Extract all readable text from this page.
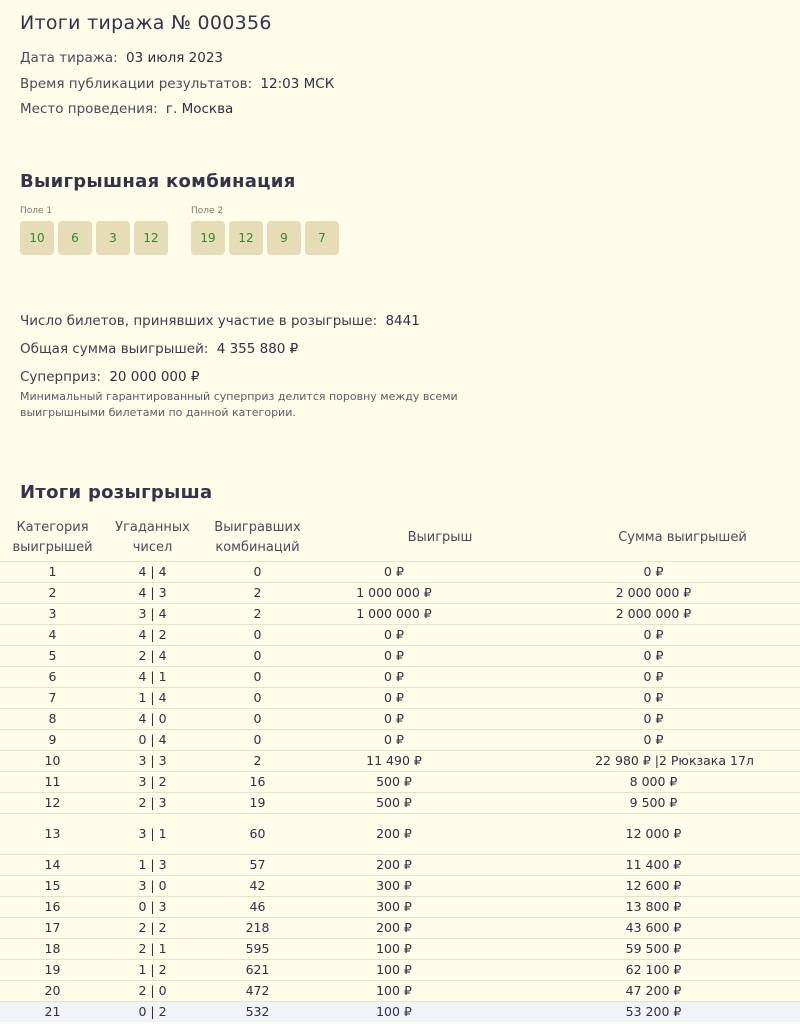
Итоги тиража № 000356
Дата тиража: 03 июля 2023
Время публикации результатов: 12:03 МСК
Место проведения: г. Москва
Выигрышная комбинация
Поле 1
10	6	3	12
Поле 2
19	12	9	7
Число билетов, принявших участие в розыгрыше: 8441
Общая сумма выигрышей: 4 355 880 ₽
Суперприз: 20 000 000 ₽
Минимальный гарантированный суперприз делится поровну между всеми выигрышными билетами по данной категории.
Итоги розыгрыша
Категория выигрышей	Угаданных чисел	Выигравших комбинаций	Выигрыш	Сумма выигрышей
1	4 | 4	0	0 ₽	0 ₽
2	4 | 3	2	1 000 000 ₽	2 000 000 ₽
3	3 | 4	2	1 000 000 ₽	2 000 000 ₽
4	4 | 2	0	0 ₽	0 ₽
5	2 | 4	0	0 ₽	0 ₽
6	4 | 1	0	0 ₽	0 ₽
7	1 | 4	0	0 ₽	0 ₽
8	4 | 0	0	0 ₽	0 ₽
9	0 | 4	0	0 ₽	0 ₽
10	3 | 3	2	11 490 ₽	22 980 ₽ |2 Рюкзака 17л
11	3 | 2	16	500 ₽	8 000 ₽
12	2 | 3	19	500 ₽	9 500 ₽
13	3 | 1	60	200 ₽	12 000 ₽
14	1 | 3	57	200 ₽	11 400 ₽
15	3 | 0	42	300 ₽	12 600 ₽
16	0 | 3	46	300 ₽	13 800 ₽
17	2 | 2	218	200 ₽	43 600 ₽
18	2 | 1	595	100 ₽	59 500 ₽
19	1 | 2	621	100 ₽	62 100 ₽
20	2 | 0	472	100 ₽	47 200 ₽
21	0 | 2	532	100 ₽	53 200 ₽
